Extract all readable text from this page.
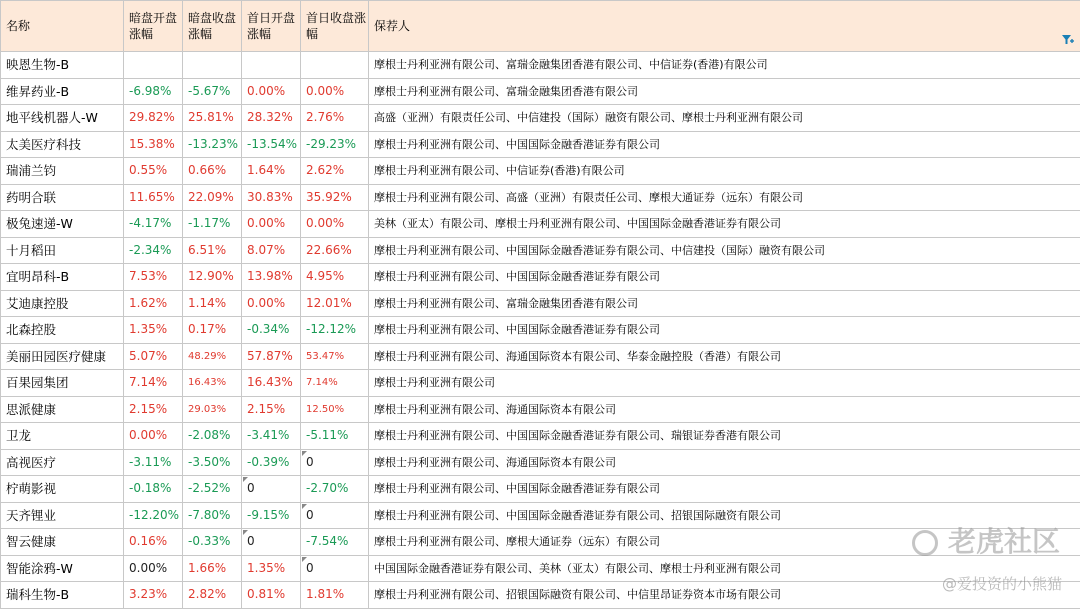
名称	暗盘开盘涨幅	暗盘收盘涨幅	首日开盘涨幅	首日收盘涨幅	保荐人

映恩生物-B					摩根士丹利亚洲有限公司、富瑞金融集团香港有限公司、中信证券(香港)有限公司
维昇药业-B	-6.98%	-5.67%	0.00%	0.00%	摩根士丹利亚洲有限公司、富瑞金融集团香港有限公司
地平线机器人-W	29.82%	25.81%	28.32%	2.76%	高盛（亚洲）有限责任公司、中信建投（国际）融资有限公司、摩根士丹利亚洲有限公司
太美医疗科技	15.38%	-13.23%	-13.54%	-29.23%	摩根士丹利亚洲有限公司、中国国际金融香港证券有限公司
瑞浦兰钧	0.55%	0.66%	1.64%	2.62%	摩根士丹利亚洲有限公司、中信证券(香港)有限公司
药明合联	11.65%	22.09%	30.83%	35.92%	摩根士丹利亚洲有限公司、高盛（亚洲）有限责任公司、摩根大通证券（远东）有限公司
极兔速递-W	-4.17%	-1.17%	0.00%	0.00%	美林（亚太）有限公司、摩根士丹利亚洲有限公司、中国国际金融香港证券有限公司
十月稻田	-2.34%	6.51%	8.07%	22.66%	摩根士丹利亚洲有限公司、中国国际金融香港证券有限公司、中信建投（国际）融资有限公司
宜明昂科-B	7.53%	12.90%	13.98%	4.95%	摩根士丹利亚洲有限公司、中国国际金融香港证券有限公司
艾迪康控股	1.62%	1.14%	0.00%	12.01%	摩根士丹利亚洲有限公司、富瑞金融集团香港有限公司
北森控股	1.35%	0.17%	-0.34%	-12.12%	摩根士丹利亚洲有限公司、中国国际金融香港证券有限公司
美丽田园医疗健康	5.07%	48.29%	57.87%	53.47%	摩根士丹利亚洲有限公司、海通国际资本有限公司、华泰金融控股（香港）有限公司
百果园集团	7.14%	16.43%	16.43%	7.14%	摩根士丹利亚洲有限公司
思派健康	2.15%	29.03%	2.15%	12.50%	摩根士丹利亚洲有限公司、海通国际资本有限公司
卫龙	0.00%	-2.08%	-3.41%	-5.11%	摩根士丹利亚洲有限公司、中国国际金融香港证券有限公司、瑞银证券香港有限公司
高视医疗	-3.11%	-3.50%	-0.39%	0	摩根士丹利亚洲有限公司、海通国际资本有限公司
柠萌影视	-0.18%	-2.52%	0	-2.70%	摩根士丹利亚洲有限公司、中国国际金融香港证券有限公司
天齐锂业	-12.20%	-7.80%	-9.15%	0	摩根士丹利亚洲有限公司、中国国际金融香港证券有限公司、招银国际融资有限公司
智云健康	0.16%	-0.33%	0	-7.54%	摩根士丹利亚洲有限公司、摩根大通证券（远东）有限公司
智能涂鸦-W	0.00%	1.66%	1.35%	0	中国国际金融香港证券有限公司、美林（亚太）有限公司、摩根士丹利亚洲有限公司
瑞科生物-B	3.23%	2.82%	0.81%	1.81%	摩根士丹利亚洲有限公司、招银国际融资有限公司、中信里昂证券资本市场有限公司
老虎社区
@爱投资的小熊猫
